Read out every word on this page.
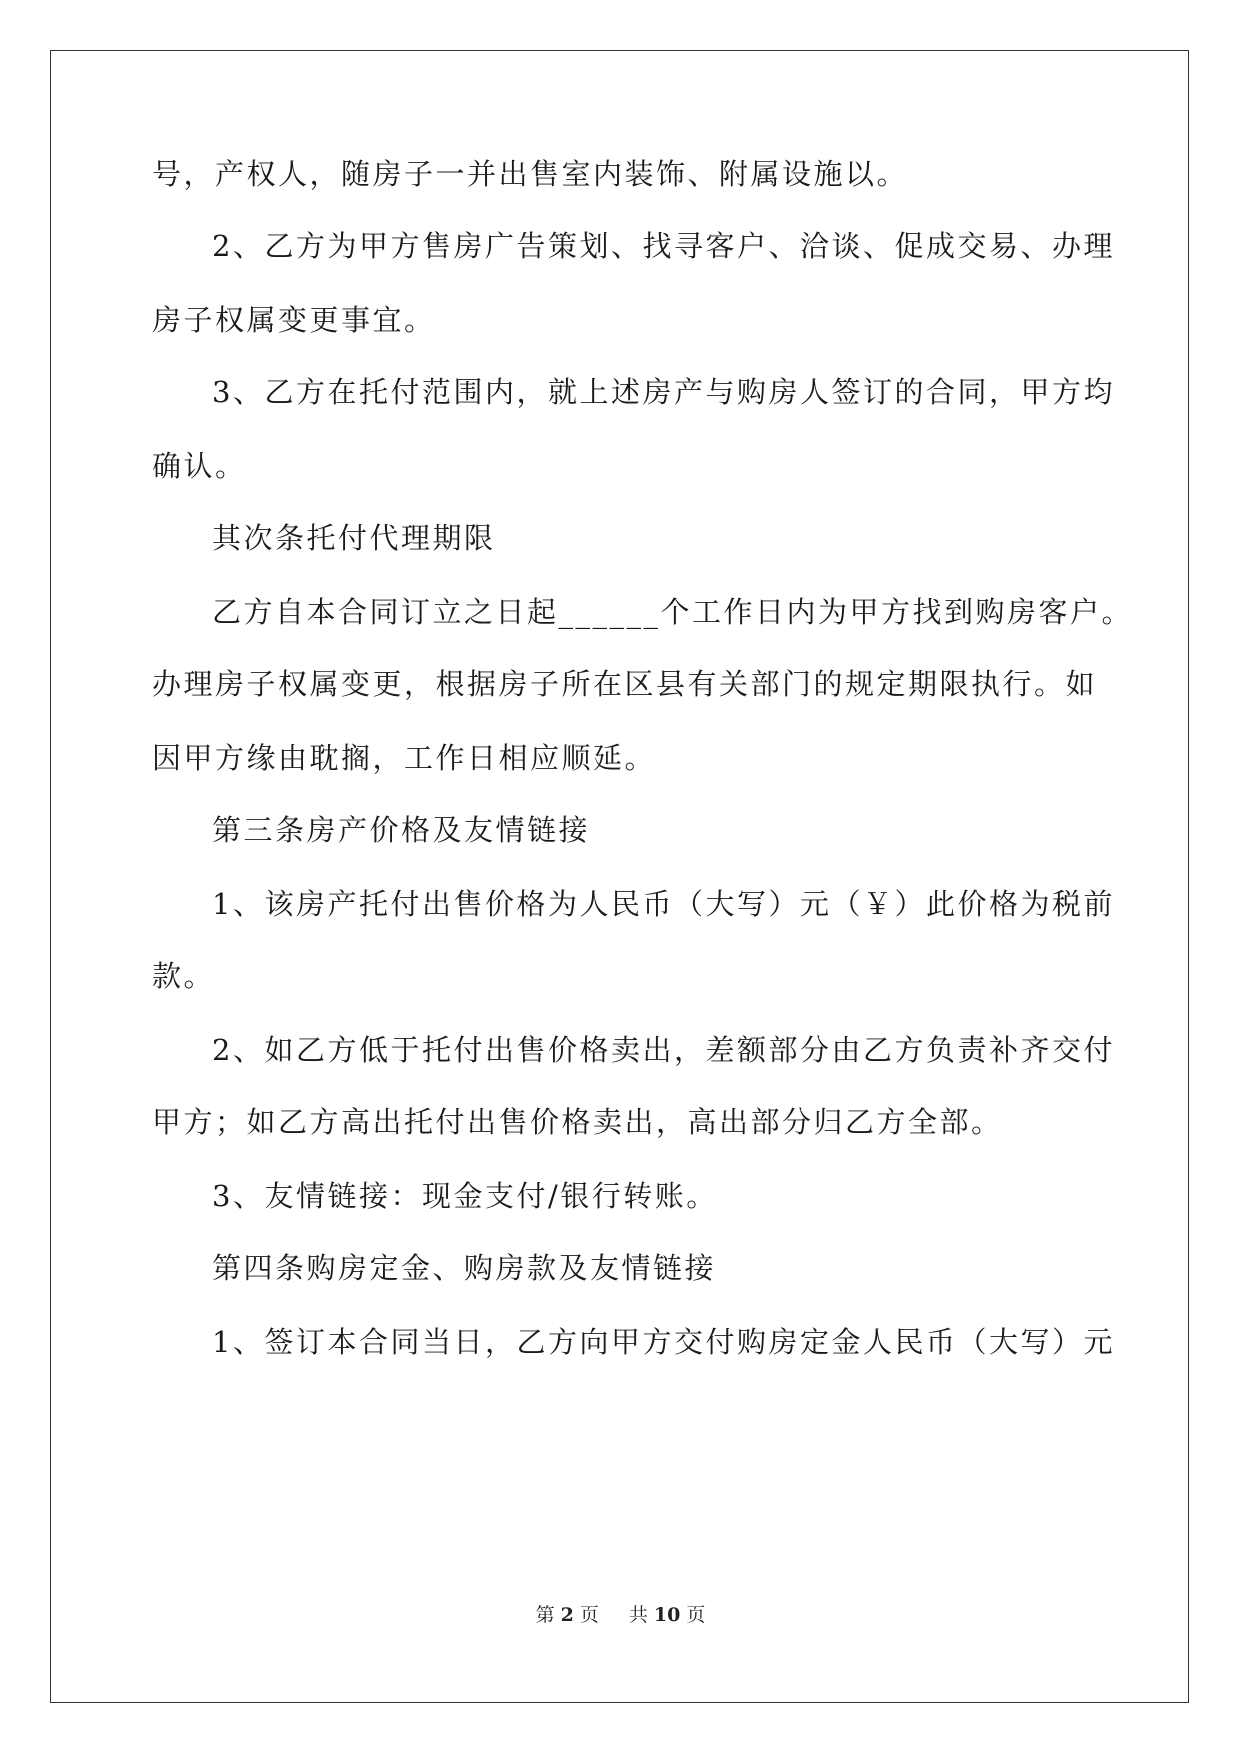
号，产权人，随房子一并出售室内装饰、附属设施以。
2、乙方为甲方售房广告策划、找寻客户、洽谈、促成交易、办理
房子权属变更事宜。
3、乙方在托付范围内，就上述房产与购房人签订的合同，甲方均
确认。
其次条托付代理期限
乙方自本合同订立之日起______个工作日内为甲方找到购房客户。
办理房子权属变更，根据房子所在区县有关部门的规定期限执行。如
因甲方缘由耽搁，工作日相应顺延。
第三条房产价格及友情链接
1、该房产托付出售价格为人民币（大写）元（￥）此价格为税前
款。
2、如乙方低于托付出售价格卖出，差额部分由乙方负责补齐交付
甲方；如乙方高出托付出售价格卖出，高出部分归乙方全部。
3、友情链接：现金支付/银行转账。
第四条购房定金、购房款及友情链接
1、签订本合同当日，乙方向甲方交付购房定金人民币（大写）元
第 2 页 共 10 页
